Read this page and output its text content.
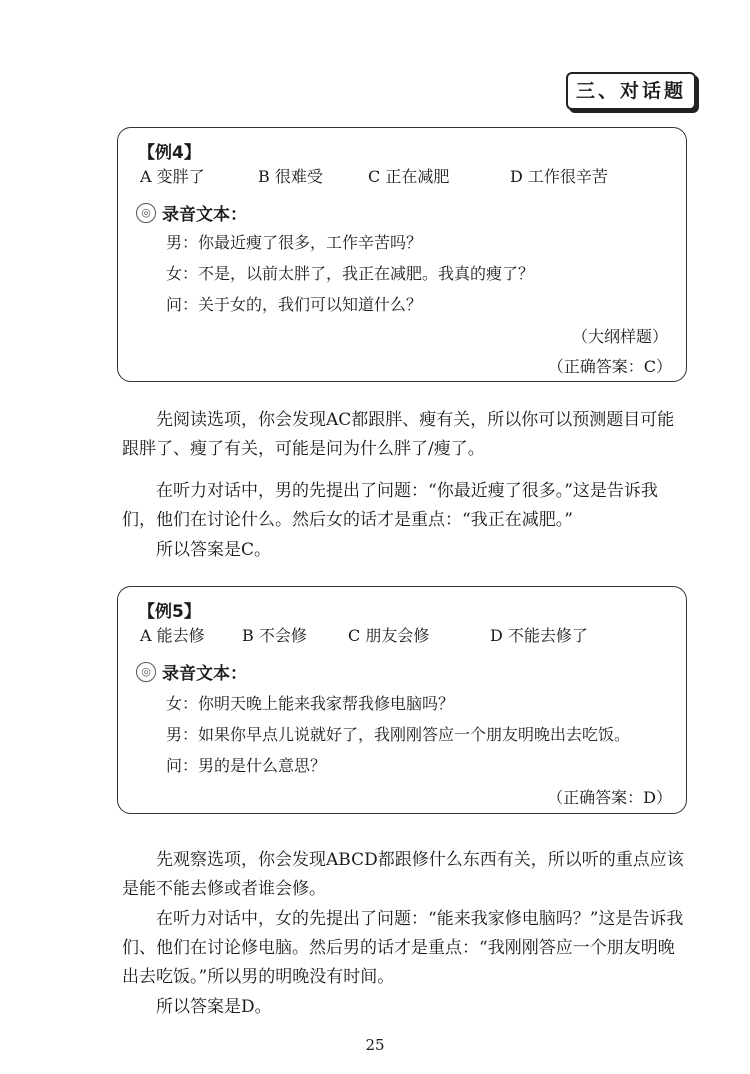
三、对话题
【例4】
A 变胖了	B 很难受	C 正在减肥	D 工作很辛苦
◎ 录音文本：
男：你最近瘦了很多，工作辛苦吗？
女：不是，以前太胖了，我正在减肥。我真的瘦了？
问：关于女的，我们可以知道什么？
（大纲样题）
（正确答案：C）

先阅读选项，你会发现AC都跟胖、瘦有关，所以你可以预测题目可能跟胖了、瘦了有关，可能是问为什么胖了/瘦了。

在听力对话中，男的先提出了问题：“你最近瘦了很多。”这是告诉我们，他们在讨论什么。然后女的话才是重点：“我正在减肥。”

所以答案是C。

【例5】
A 能去修 B 不会修	C 朋友会修	D 不能去修了
◎ 录音文本：
女：你明天晚上能来我家帮我修电脑吗？
男：如果你早点儿说就好了，我刚刚答应一个朋友明晚出去吃饭。
问：男的是什么意思？
（正确答案：D）

先观察选项，你会发现ABCD都跟修什么东西有关，所以听的重点应该是能不能去修或者谁会修。

在听力对话中，女的先提出了问题：“能来我家修电脑吗？”这是告诉我们、他们在讨论修电脑。然后男的话才是重点：“我刚刚答应一个朋友明晚出去吃饭。”所以男的明晚没有时间。

所以答案是D。

25
